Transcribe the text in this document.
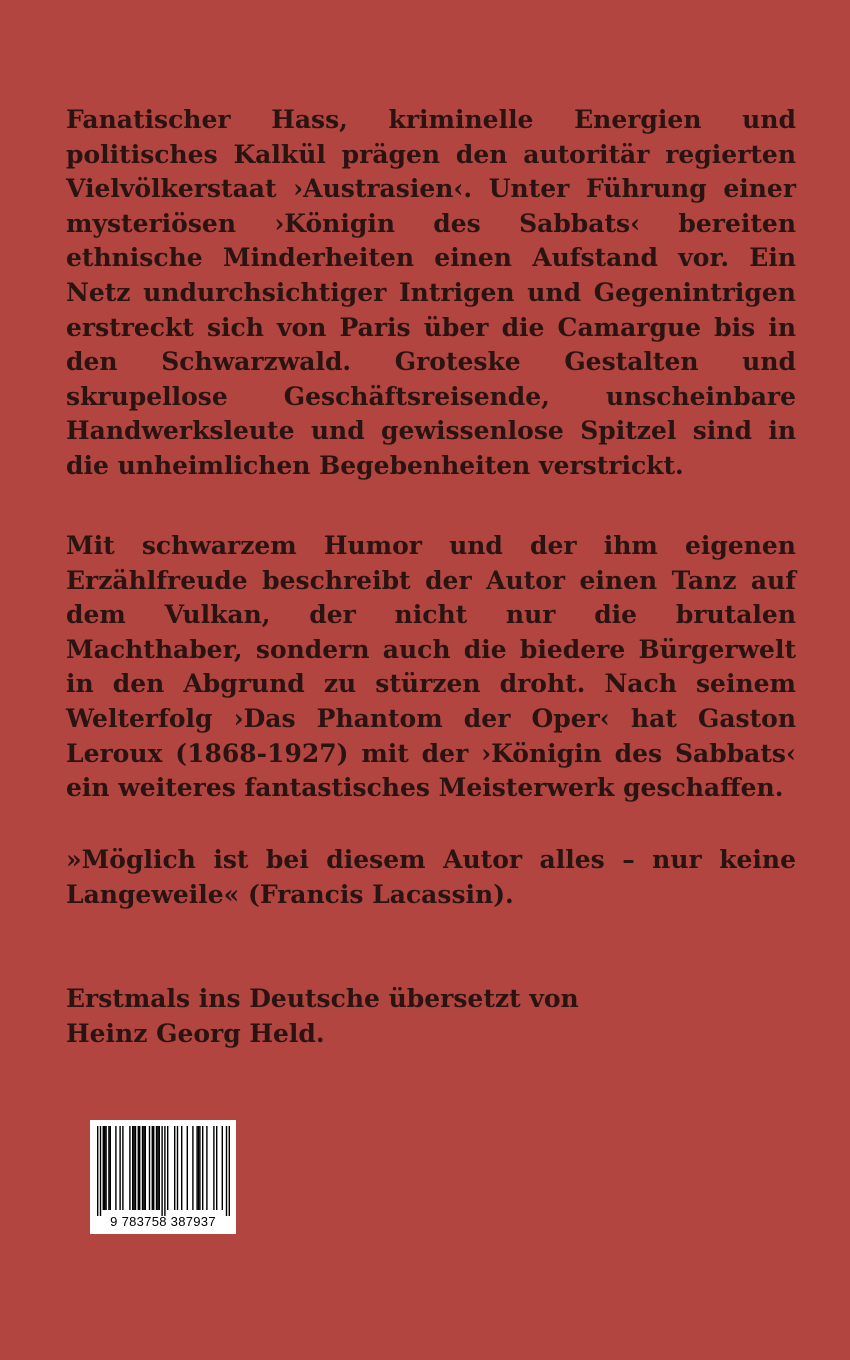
Fanatischer Hass, kriminelle Energien und politisches Kalkül prägen den autoritär regierten Vielvölkerstaat ›Austrasien‹. Unter Führung einer mysteriösen ›Königin des Sabbats‹ bereiten ethnische Minderheiten einen Aufstand vor. Ein Netz undurchsichtiger Intrigen und Gegenintrigen erstreckt sich von Paris über die Camargue bis in den Schwarzwald. Groteske Gestalten und skrupellose Geschäftsreisende, unscheinbare Handwerksleute und gewissenlose Spitzel sind in die unheimlichen Begebenheiten verstrickt.

Mit schwarzem Humor und der ihm eigenen Erzählfreude beschreibt der Autor einen Tanz auf dem Vulkan, der nicht nur die brutalen Machthaber, sondern auch die biedere Bürgerwelt in den Abgrund zu stürzen droht. Nach seinem Welterfolg ›Das Phantom der Oper‹ hat Gaston Leroux (1868-1927) mit der ›Königin des Sabbats‹ ein weiteres fantastisches Meisterwerk geschaffen.

»Möglich ist bei diesem Autor alles – nur keine Langeweile« (Francis Lacassin).

Erstmals ins Deutsche übersetzt von
Heinz Georg Held.
9 783758 387937
